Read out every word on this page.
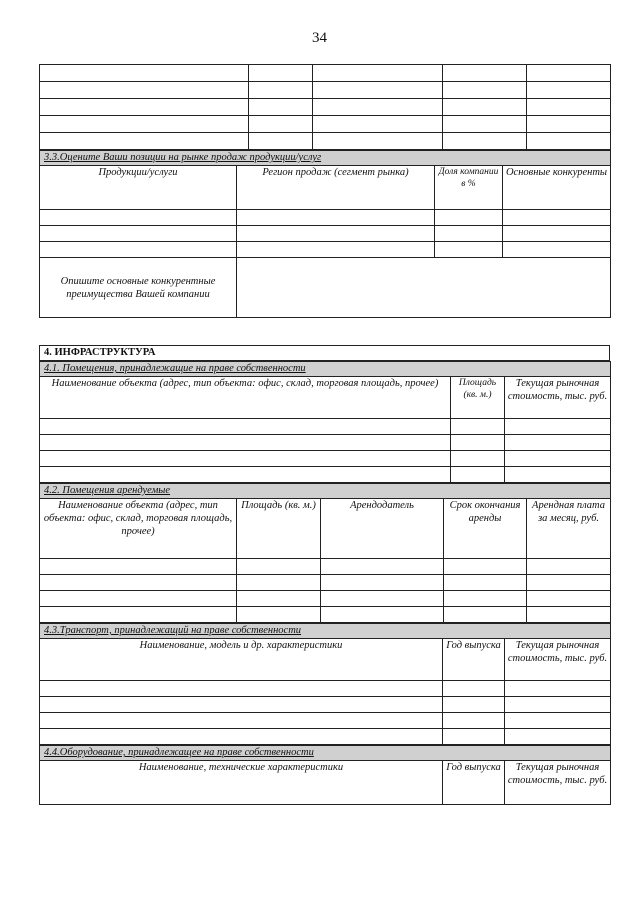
34

3.3.Оцените Ваши позиции на рынке продаж продукции/услуг			
Продукции/услуги	Регион продаж (сегмент рынка)	Доля компании в %	Основные конкуренты

Опишите основные конкурентные преимущества Вашей компании			
4. ИНФРАСТРУКТУРА
4.1. Помещения, принадлежащие на праве собственности		
Наименование объекта (адрес, тип объекта: офис, склад, торговая площадь, прочее)	Площадь (кв. м.)	Текущая рыночная стоимость, тыс. руб.

4.2. Помещения арендуемые				
Наименование объекта (адрес, тип объекта: офис, склад, торговая площадь, прочее)	Площадь (кв. м.)	Арендодатель	Срок окончания аренды	Арендная плата за месяц, руб.

4.3.Транспорт, принадлежащий на праве собственности		
Наименование, модель и др. характеристики	Год выпуска	Текущая рыночная стоимость, тыс. руб.

4.4.Оборудование, принадлежащее на праве собственности
Наименование, технические характеристики	Год выпуска	Текущая рыночная стоимость, тыс. руб.
